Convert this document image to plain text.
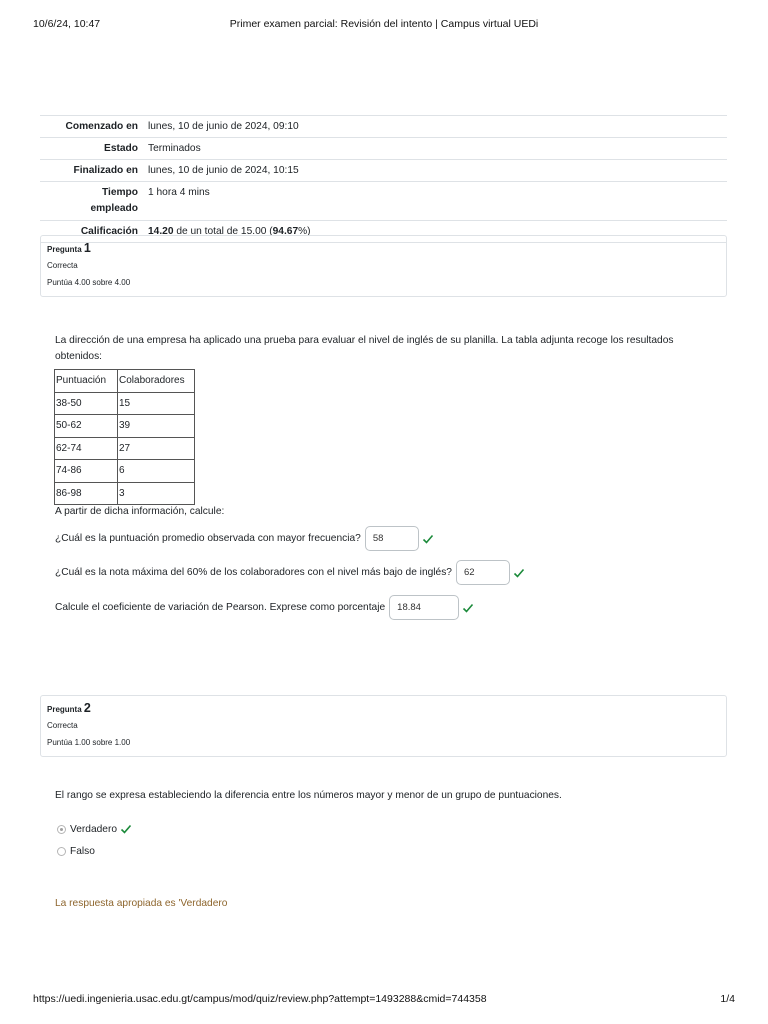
10/6/24, 10:47	Primer examen parcial: Revisión del intento | Campus virtual UEDi
Comenzado en lunes, 10 de junio de 2024, 09:10
Estado Terminados
Finalizado en lunes, 10 de junio de 2024, 10:15
Tiempo
empleado
1 hora 4 mins
Calificación 14.20 de un total de 15.00 (94.67%)
Pregunta 1
Correcta
Puntúa 4.00 sobre 4.00
La dirección de una empresa ha aplicado una prueba para evaluar el nivel de inglés de su planilla. La tabla adjunta recoge los resultados
obtenidos:
Puntuación	Colaboradores
38-50	15
50-62	39
62-74	27
74-86	6
86-98	3
A partir de dicha información, calcule:
¿Cuál es la puntuación promedio observada con mayor frecuencia?	58
¿Cuál es la nota máxima del 60% de los colaboradores con el nivel más bajo de inglés?	62
Calcule el coeficiente de variación de Pearson. Exprese como porcentaje	18.84
Pregunta 2
Correcta
Puntúa 1.00 sobre 1.00
El rango se expresa estableciendo la diferencia entre los números mayor y menor de un grupo de puntuaciones.
Verdadero
Falso
La respuesta apropiada es 'Verdadero
https://uedi.ingenieria.usac.edu.gt/campus/mod/quiz/review.php?attempt=1493288&cmid=744358	1/4
